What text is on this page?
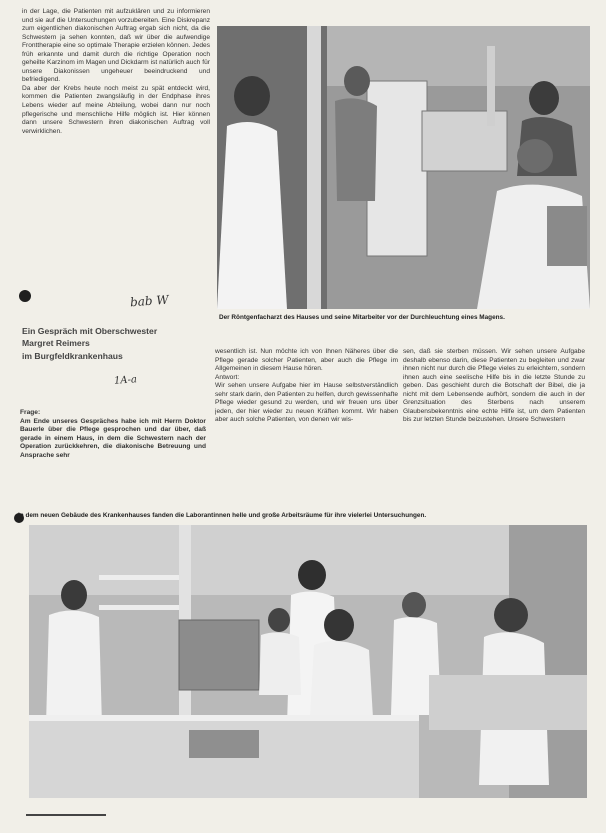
in der Lage, die Patienten mit aufzuklären und zu informieren und sie auf die Untersuchungen vorzubereiten. Eine Diskrepanz zum eigentlichen diakonischen Auftrag ergab sich nicht, da die Schwestern ja sehen konnten, daß wir über die aufwendige Fronttherapie eine so optimale Therapie erzielen können. Jedes früh erkannte und damit durch die richtige Operation noch geheilte Karzinom im Magen und Dickdarm ist natürlich auch für unsere Diakonissen ungeheuer beeindruckend und befriedigend.
Da aber der Krebs heute noch meist zu spät entdeckt wird, kommen die Patienten zwangsläufig in der Endphase ihres Lebens wieder auf meine Abteilung, wobei dann nur noch pflegerische und menschliche Hilfe möglich ist. Hier können dann unsere Schwestern ihren diakonischen Auftrag voll verwirklichen.
bab W
Ein Gespräch mit Oberschwester
Margret Reimers
im Burgfeldkrankenhaus
1A-a
Frage:
Am Ende unseres Gespräches habe ich mit Herrn Doktor Bauerle über die Pflege gesprochen und dar über, daß gerade in einem Haus, in dem die Schwestern nach der Operation zurückkehren, die diakonische Betreuung und Ansprache sehr
Der Röntgenfacharzt des Hauses und seine Mitarbeiter vor der Durchleuchtung eines Magens.
wesentlich ist. Nun möchte ich von Ihnen Näheres über die Pflege gerade solcher Patienten, aber auch die Pflege im Allgemeinen in diesem Hause hören.
Antwort:
Wir sehen unsere Aufgabe hier im Hause selbstverständlich sehr stark darin, den Patienten zu helfen, durch gewissenhafte Pflege wieder gesund zu werden, und wir freuen uns über jeden, der hier wieder zu neuen Kräften kommt. Wir haben aber auch solche Patienten, von denen wir wis-
sen, daß sie sterben müssen. Wir sehen unsere Aufgabe deshalb ebenso darin, diese Patienten zu begleiten und zwar ihnen nicht nur durch die Pflege vieles zu erleichtern, sondern ihnen auch eine seelische Hilfe bis in die letzte Stunde zu geben. Das geschieht durch die Botschaft der Bibel, die ja nicht mit dem Lebensende aufhört, sondern die auch in der Grenzsituation des Sterbens nach unserem Glaubensbekenntnis eine echte Hilfe ist, um dem Patienten bis zur letzten Stunde beizustehen. Unsere Schwestern
In dem neuen Gebäude des Krankenhauses fanden die Laborantinnen helle und große Arbeitsräume für ihre vielerlei Untersuchungen.
